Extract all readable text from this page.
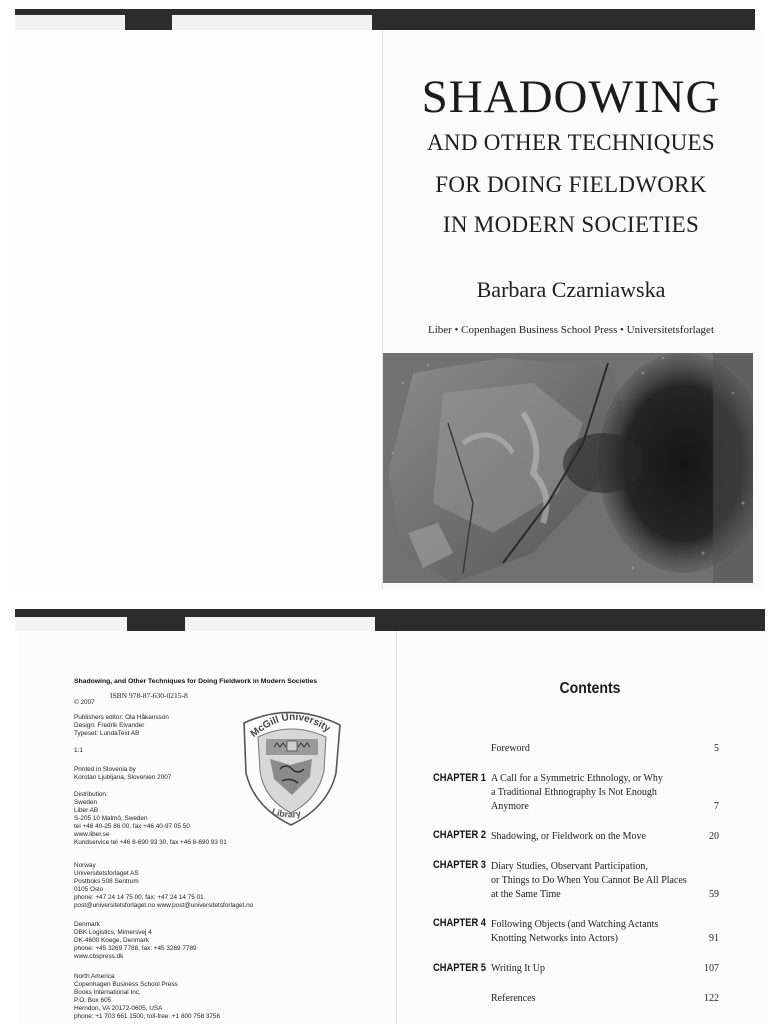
SHADOWING
AND OTHER TECHNIQUES
FOR DOING FIELDWORK
IN MODERN SOCIETIES
Barbara Czarniawska
Liber • Copenhagen Business School Press • Universitetsforlaget
Shadowing, and Other Techniques for Doing Fieldwork in Modern Societies
ISBN 978-87-630-0215-8
© 2007
Publishers editor: Ola Håkansson
Design: Fredrik Elvander
Typeset: LundaText AB
1:1
Printed in Slovenia by
Korotan Ljubljana, Slovenien 2007
Distribution:
Sweden
Liber AB
S-205 10 Malmö, Sweden
tel +46 40-25 86 00, fax +46 40-97 05 50
www.liber.se
Kundservice tel +46 8-690 93 30, fax +46 8-690 93 01
Norway
Universitetsforlaget AS
Postboks 508 Sentrum
0105 Oslo
phone: +47 24 14 75 00, fax: +47 24 14 75 01
post@universitetsforlaget.no www.post@universitetsforlaget.no
Denmark
DBK Logistics, Mimersvej 4
DK-4600 Koege, Denmark
phone: +45 3269 7788, fax: +45 3269 7789
www.cbspress.dk
North America
Copenhagen Business School Press
Books International Inc.
P.O. Box 605
Herndon, VA 20172-0605, USA
phone: +1 703 661 1500, toll-free: +1 800 758 3756
McGill University
Library
Contents
Foreword	5
CHAPTER 1 A Call for a Symmetric Ethnology, or Why
a Traditional Ethnography Is Not Enough
Anymore	7
CHAPTER 2 Shadowing, or Fieldwork on the Move	20
CHAPTER 3 Diary Studies, Observant Participation,
or Things to Do When You Cannot Be All Places
at the Same Time	59
CHAPTER 4 Following Objects (and Watching Actants
Knotting Networks into Actors)	91
CHAPTER 5 Writing It Up	107
References	122
